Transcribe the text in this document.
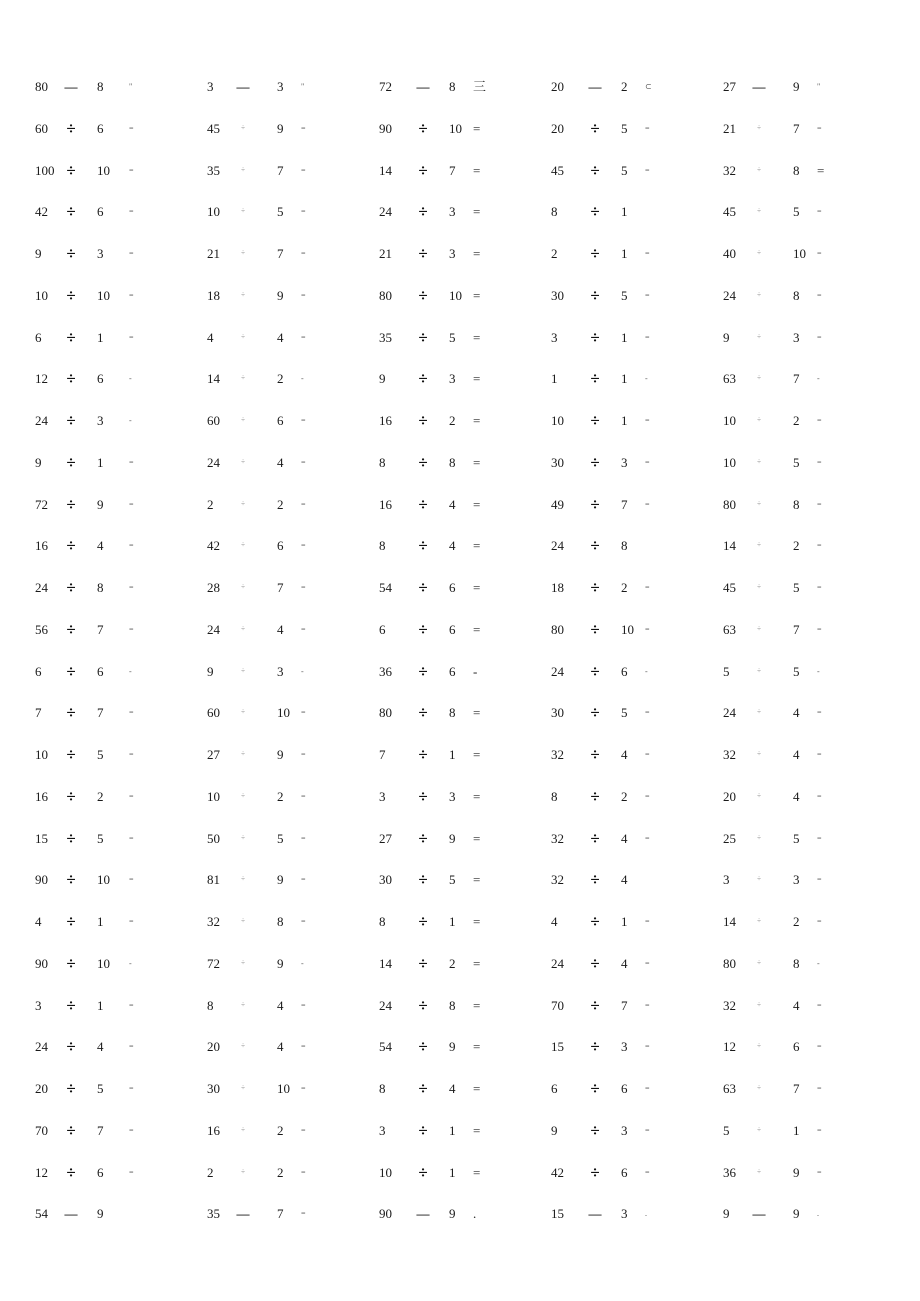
80	— 8	"	3	— 3	"	72	— 8	三	20	— 2	⊂	27	— 9	"
60	÷ 6	=	45	÷	9	=	90	÷ 10 =	20	÷ 5	=	21	÷	7	=
100 ÷ 10	=	35	÷	7	=	14	÷ 7	=	45	÷ 5	=	32	÷	8	=
42	÷ 6	=	10	÷	5	=	24	÷ 3	=	8	÷ 1	45	÷	5	=
9	÷ 3	=	21	÷	7	=	21	÷ 3	=	2	÷ 1	=	40	÷	10	=
10	÷ 10	=	18	÷	9	=	80	÷ 10 =	30	÷ 5	=	24	÷	8	=
6	÷ 1	=	4	÷	4	=	35	÷ 5	=	3	÷ 1	=	9	÷	3	=
12	÷ 6	-	14	÷	2	-	9	÷ 3	=	1	÷ 1	-	63	÷	7	-
24	÷ 3	-	60	÷	6	=	16	÷ 2	=	10	÷ 1	=	10	÷	2	=
9	÷ 1	=	24	÷	4	=	8	÷ 8	=	30	÷ 3	=	10	÷	5	=
72	÷ 9	=	2	÷	2	=	16	÷ 4	=	49	÷ 7	=	80	÷	8	=
16	÷ 4	=	42	÷	6	=	8	÷ 4	=	24	÷ 8	14	÷	2	=
24	÷ 8	=	28	÷	7	=	54	÷ 6	=	18	÷ 2	=	45	÷	5	=
56	÷ 7	=	24	÷	4	=	6	÷ 6	=	80	÷ 10	=	63	÷	7	=
6	÷ 6	-	9	÷	3	-	36	÷ 6	-	24	÷ 6	-	5	÷	5	-
7	÷ 7	=	60	÷	10	=	80	÷ 8	=	30	÷ 5	=	24	÷	4	=
10	÷ 5	=	27	÷	9	=	7	÷ 1	=	32	÷ 4	=	32	÷	4	=
16	÷ 2	=	10	÷	2	=	3	÷ 3	=	8	÷ 2	=	20	÷	4	=
15	÷ 5	=	50	÷	5	=	27	÷ 9	=	32	÷ 4	=	25	÷	5	=
90	÷ 10	=	81	÷	9	=	30	÷ 5	=	32	÷ 4	3	÷	3	=
4	÷ 1	=	32	÷	8	=	8	÷ 1	=	4	÷ 1	=	14	÷	2	=
90	÷ 10	-	72	÷	9	-	14	÷ 2	=	24	÷ 4	=	80	÷	8	-
3	÷ 1	=	8	÷	4	=	24	÷ 8	=	70	÷ 7	=	32	÷	4	=
24	÷ 4	=	20	÷	4	=	54	÷ 9	=	15	÷ 3	=	12	÷	6	=
20	÷ 5	=	30	÷	10	=	8	÷ 4	=	6	÷ 6	=	63	÷	7	=
70	÷ 7	=	16	÷	2	=	3	÷ 1	=	9	÷ 3	=	5	÷	1	=
12	÷ 6	=	2	÷	2	=	10	÷ 1	=	42	÷ 6	=	36	÷	9	=
54	— 9	35	— 7	=	90	— 9	.	15	— 3	.	9	— 9	.
